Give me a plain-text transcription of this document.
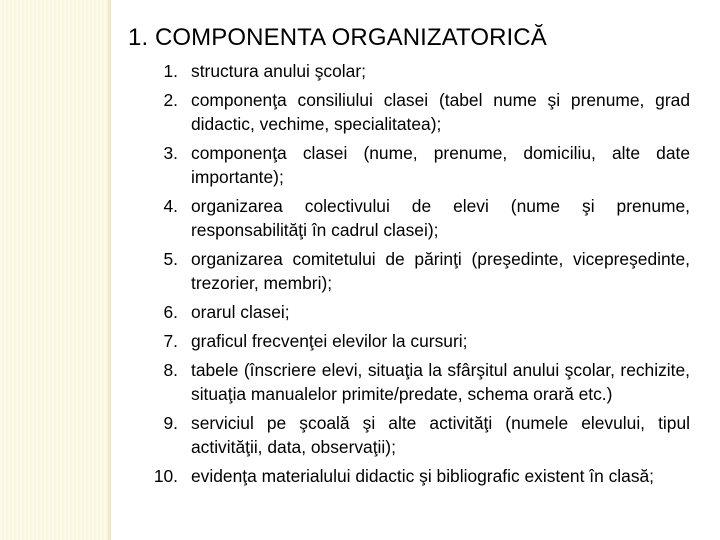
1. COMPONENTA ORGANIZATORICĂ
1. structura anului şcolar;
2. componenţa consiliului clasei (tabel nume şi prenume, grad didactic, vechime, specialitatea);
3. componenţa clasei (nume, prenume, domiciliu, alte date importante);
4. organizarea colectivului de elevi (nume şi prenume, responsabilităţi în cadrul clasei);
5. organizarea comitetului de părinţi (preşedinte, vicepreşedinte, trezorier, membri);
6. orarul clasei;
7. graficul frecvenţei elevilor la cursuri;
8. tabele (înscriere elevi, situaţia la sfârşitul anului şcolar, rechizite, situaţia manualelor primite/predate, schema orară etc.)
9. serviciul pe şcoală şi alte activităţi (numele elevului, tipul activităţii, data, observaţii);
10. evidenţa materialului didactic şi bibliografic existent în clasă;
